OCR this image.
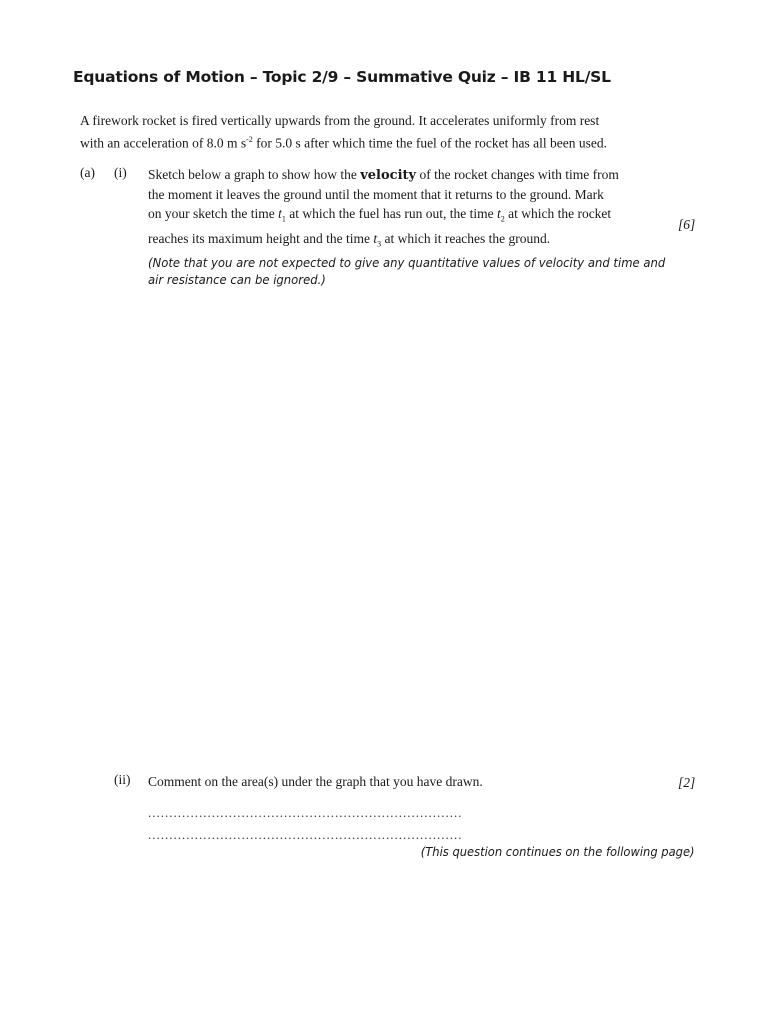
Equations of Motion – Topic 2/9 – Summative Quiz – IB 11 HL/SL
A firework rocket is fired vertically upwards from the ground. It accelerates uniformly from rest
with an acceleration of 8.0 m $s^{-2}$ for 5.0 s after which time the fuel of the rocket has all been used.
(a) (i) Sketch below a graph to show how the velocity of the rocket changes with time from
the moment it leaves the ground until the moment that it returns to the ground. Mark
on your sketch the time $t_1$ at which the fuel has run out, the time $t_2$ at which the rocket
reaches its maximum height and the time $t_3$ at which it reaches the ground.
[6]
(Note that you are not expected to give any quantitative values of velocity and time and
air resistance can be ignored.)
(ii) Comment on the area(s) under the graph that you have drawn.	[2]
..........................................................................
..........................................................................
(This question continues on the following page)
